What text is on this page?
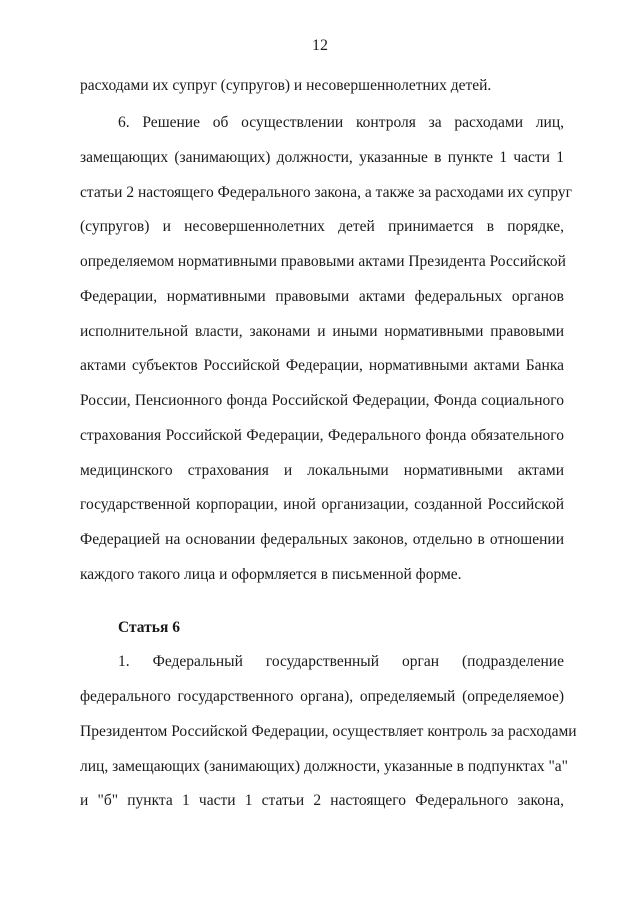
12
расходами их супруг (супругов) и несовершеннолетних детей.
6. Решение об осуществлении контроля за расходами лиц,
замещающих (занимающих) должности, указанные в пункте 1 части 1
статьи 2 настоящего Федерального закона, а также за расходами их супруг
(супругов) и несовершеннолетних детей принимается в порядке,
определяемом нормативными правовыми актами Президента Российской
Федерации, нормативными правовыми актами федеральных органов
исполнительной власти, законами и иными нормативными правовыми
актами субъектов Российской Федерации, нормативными актами Банка
России, Пенсионного фонда Российской Федерации, Фонда социального
страхования Российской Федерации, Федерального фонда обязательного
медицинского страхования и локальными нормативными актами
государственной корпорации, иной организации, созданной Российской
Федерацией на основании федеральных законов, отдельно в отношении
каждого такого лица и оформляется в письменной форме.
Статья 6
1. Федеральный государственный орган (подразделение
федерального государственного органа), определяемый (определяемое)
Президентом Российской Федерации, осуществляет контроль за расходами
лиц, замещающих (занимающих) должности, указанные в подпунктах "а"
и "б" пункта 1 части 1 статьи 2 настоящего Федерального закона,
